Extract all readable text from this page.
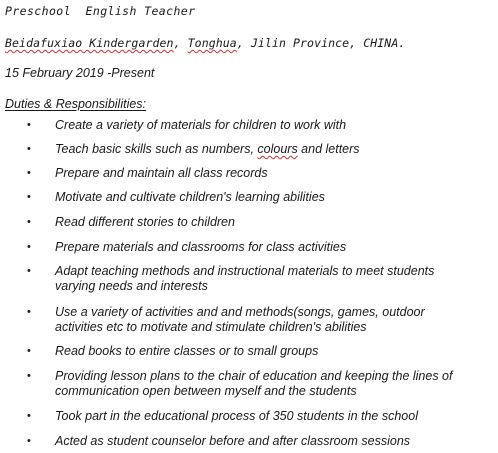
Preschool  English Teacher
Beidafuxiao Kindergarden, Tonghua, Jilin Province, CHINA.
15 February 2019 -Present
Duties & Responsibilities:
• Create a variety of materials for children to work with
• Teach basic skills such as numbers, colours and letters
• Prepare and maintain all class records
• Motivate and cultivate children's learning abilities
• Read different stories to children
• Prepare materials and classrooms for class activities
• Adapt teaching methods and instructional materials to meet students varying needs and interests
• Use a variety of activities and and methods(songs, games, outdoor activities etc to motivate and stimulate children's abilities
• Read books to entire classes or to small groups
• Providing lesson plans to the chair of education and keeping the lines of communication open between myself and the students
• Took part in the educational process of 350 students in the school
• Acted as student counselor before and after classroom sessions
